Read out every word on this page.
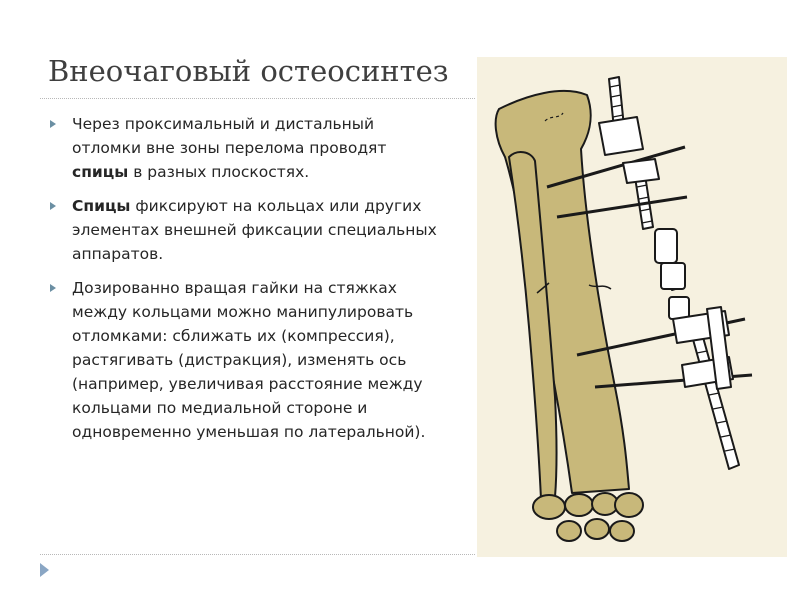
Внеочаговый остеосинтез
Через проксимальный и дистальный отломки вне зоны перелома проводят спицы в разных плоскостях.
Спицы фиксируют на кольцах или других элементах внешней фиксации специальных аппаратов.
Дозированно вращая гайки на стяжках между кольцами можно манипулировать отломками: сближать их (компрессия), растягивать (дистракция), изменять ось (например, увеличивая расстояние между кольцами по медиальной стороне и одновременно уменьшая по латеральной).
